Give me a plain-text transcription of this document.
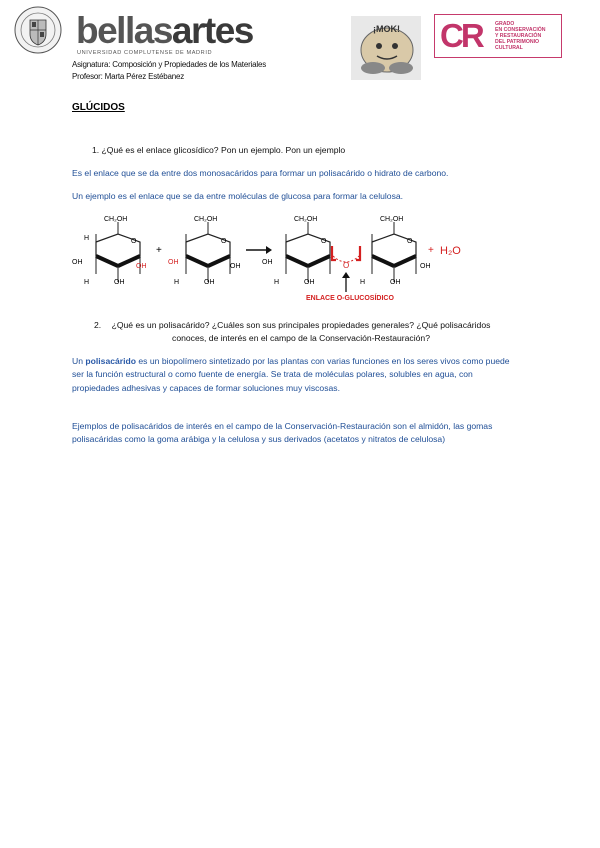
bellasartes
UNIVERSIDAD COMPLUTENSE DE MADRID
Asignatura: Composición y Propiedades de los Materiales
Profesor: Marta Pérez Estébanez
¡MOK! CR	GRADO
EN CONSERVACIÓN
Y RESTAURACIÓN
DEL PATRIMONIO
CULTURAL
GLÚCIDOS
1. ¿Qué es el enlace glicosídico? Pon un ejemplo. Pon un ejemplo
Es el enlace que se da entre dos monosacáridos para formar un polisacárido o hidrato de carbono.
Un ejemplo es el enlace que se da entre moléculas de glucosa para formar la celulosa.
CH₂OH
O
H
OH
H	OH
OH
+
CH₂OH
O
OH
H	OH
OH
CH₂OH	CH₂OH
O	O
OH
H	OH	H	OH
OH
O
ENLACE O-GLUCOSÍDICO
+ H₂O
2.	¿Qué es un polisacárido? ¿Cuáles son sus principales propiedades generales? ¿Qué polisacáridos conoces, de interés en el campo de la Conservación-Restauración?
Un polisacárido es un biopolímero sintetizado por las plantas con varias funciones en los seres vivos como puede ser la función estructural o como fuente de energía. Se trata de moléculas polares, solubles en agua, con propiedades adhesivas y capaces de formar soluciones muy viscosas.
Ejemplos de polisacáridos de interés en el campo de la Conservación-Restauración son el almidón, las gomas polisacáridas como la goma arábiga y la celulosa y sus derivados (acetatos y nitratos de celulosa)
